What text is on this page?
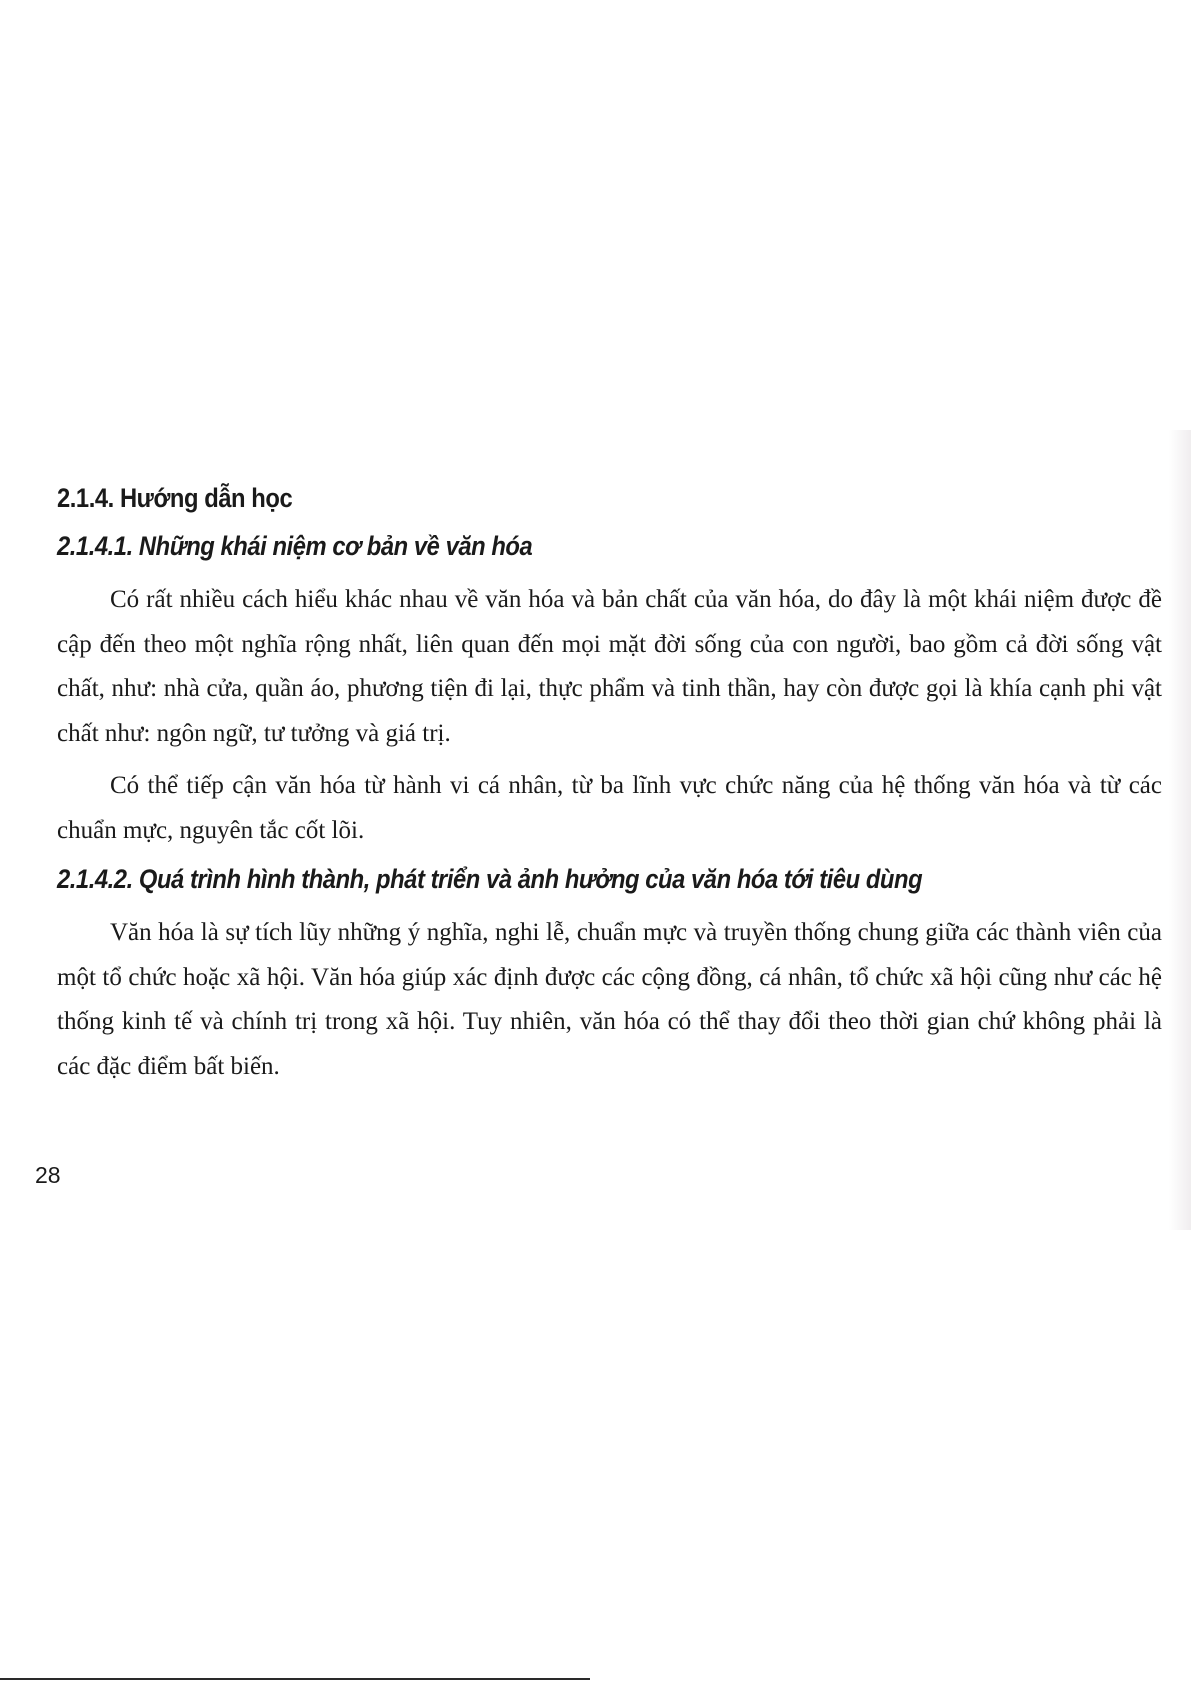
2.1.4. Hướng dẫn học
2.1.4.1. Những khái niệm cơ bản về văn hóa

Có rất nhiều cách hiểu khác nhau về văn hóa và bản chất của văn hóa, do đây là một khái niệm được đề cập đến theo một nghĩa rộng nhất, liên quan đến mọi mặt đời sống của con người, bao gồm cả đời sống vật chất, như: nhà cửa, quần áo, phương tiện đi lại, thực phẩm và tinh thần, hay còn được gọi là khía cạnh phi vật chất như: ngôn ngữ, tư tưởng và giá trị.

Có thể tiếp cận văn hóa từ hành vi cá nhân, từ ba lĩnh vực chức năng của hệ thống văn hóa và từ các chuẩn mực, nguyên tắc cốt lõi.

2.1.4.2. Quá trình hình thành, phát triển và ảnh hưởng của văn hóa tới tiêu dùng

Văn hóa là sự tích lũy những ý nghĩa, nghi lễ, chuẩn mực và truyền thống chung giữa các thành viên của một tổ chức hoặc xã hội. Văn hóa giúp xác định được các cộng đồng, cá nhân, tổ chức xã hội cũng như các hệ thống kinh tế và chính trị trong xã hội. Tuy nhiên, văn hóa có thể thay đổi theo thời gian chứ không phải là các đặc điểm bất biến.

28
